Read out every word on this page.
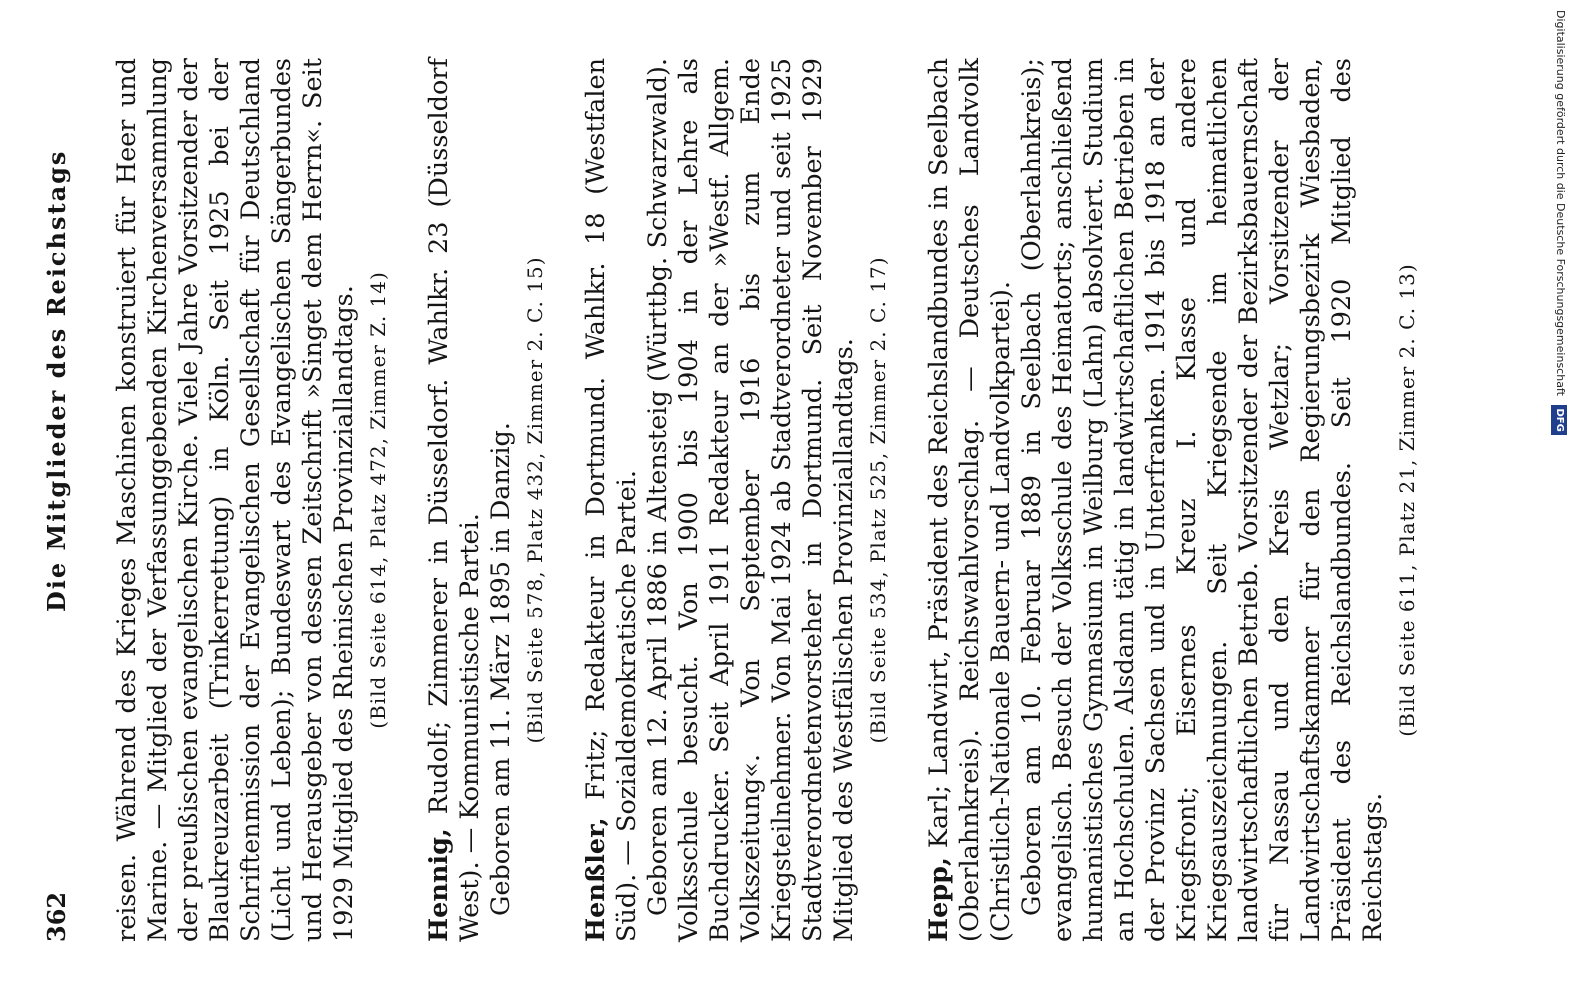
362
Die Mitglieder des Reichstags reisen. Während des Krieges Maschinen konstruiert für Heer und Marine. — Mitglied der Verfassunggebenden Kirchenversammlung der preußischen evangelischen Kirche. Viele Jahre Vorsitzender der Blaukreuzarbeit (Trinkerrettung) in Köln. Seit 1925 bei der Schriftenmission der Evangelischen Gesellschaft für Deutschland (Licht und Leben); Bundeswart des Evangelischen Sängerbundes und Herausgeber von dessen Zeitschrift »Singet dem Herrn«. Seit 1929 Mitglied des Rheinischen Provinziallandtags. (Bild Seite 614, Platz 472, Zimmer Z. 14)

Hennig, Rudolf; Zimmerer in Düsseldorf. Wahlkr. 23 (Düsseldorf West). — Kommunistische Partei. Geboren am 11. März 1895 in Danzig. (Bild Seite 578, Platz 432, Zimmer 2. C. 15)

Henßler, Fritz; Redakteur in Dortmund. Wahlkr. 18 (Westfalen Süd). — Sozialdemokratische Partei. Geboren am 12. April 1886 in Altensteig (Württbg. Schwarzwald). Volksschule besucht. Von 1900 bis 1904 in der Lehre als Buchdrucker. Seit April 1911 Redakteur an der »Westf. Allgem. Volkszeitung«. Von September 1916 bis zum Ende Kriegsteilnehmer. Von Mai 1924 ab Stadtverordneter und seit 1925 Stadtverordnetenvorsteher in Dortmund. Seit November 1929 Mitglied des Westfälischen Provinziallandtags. (Bild Seite 534, Platz 525, Zimmer 2. C. 17)

Hepp, Karl; Landwirt, Präsident des Reichslandbundes in Seelbach (Oberlahnkreis). Reichswahlvorschlag. — Deutsches Landvolk (Christlich-Nationale Bauern- und Landvolkpartei). Geboren am 10. Februar 1889 in Seelbach (Oberlahnkreis); evangelisch. Besuch der Volksschule des Heimatorts; anschließend humanistisches Gymnasium in Weilburg (Lahn) absolviert. Studium an Hochschulen. Alsdann tätig in landwirtschaftlichen Betrieben in der Provinz Sachsen und in Unterfranken. 1914 bis 1918 an der Kriegsfront; Eisernes Kreuz I. Klasse und andere Kriegsauszeichnungen. Seit Kriegsende im heimatlichen landwirtschaftlichen Betrieb. Vorsitzender der Bezirksbauernschaft für Nassau und den Kreis Wetzlar; Vorsitzender der Landwirtschaftskammer für den Regierungsbezirk Wiesbaden, Präsident des Reichslandbundes. Seit 1920 Mitglied des Reichstags.

(Bild Seite 611, Platz 21, Zimmer 2. C. 13)
Digitalisierung gefördert durch die Deutsche Forschungsgemeinschaft DFG
